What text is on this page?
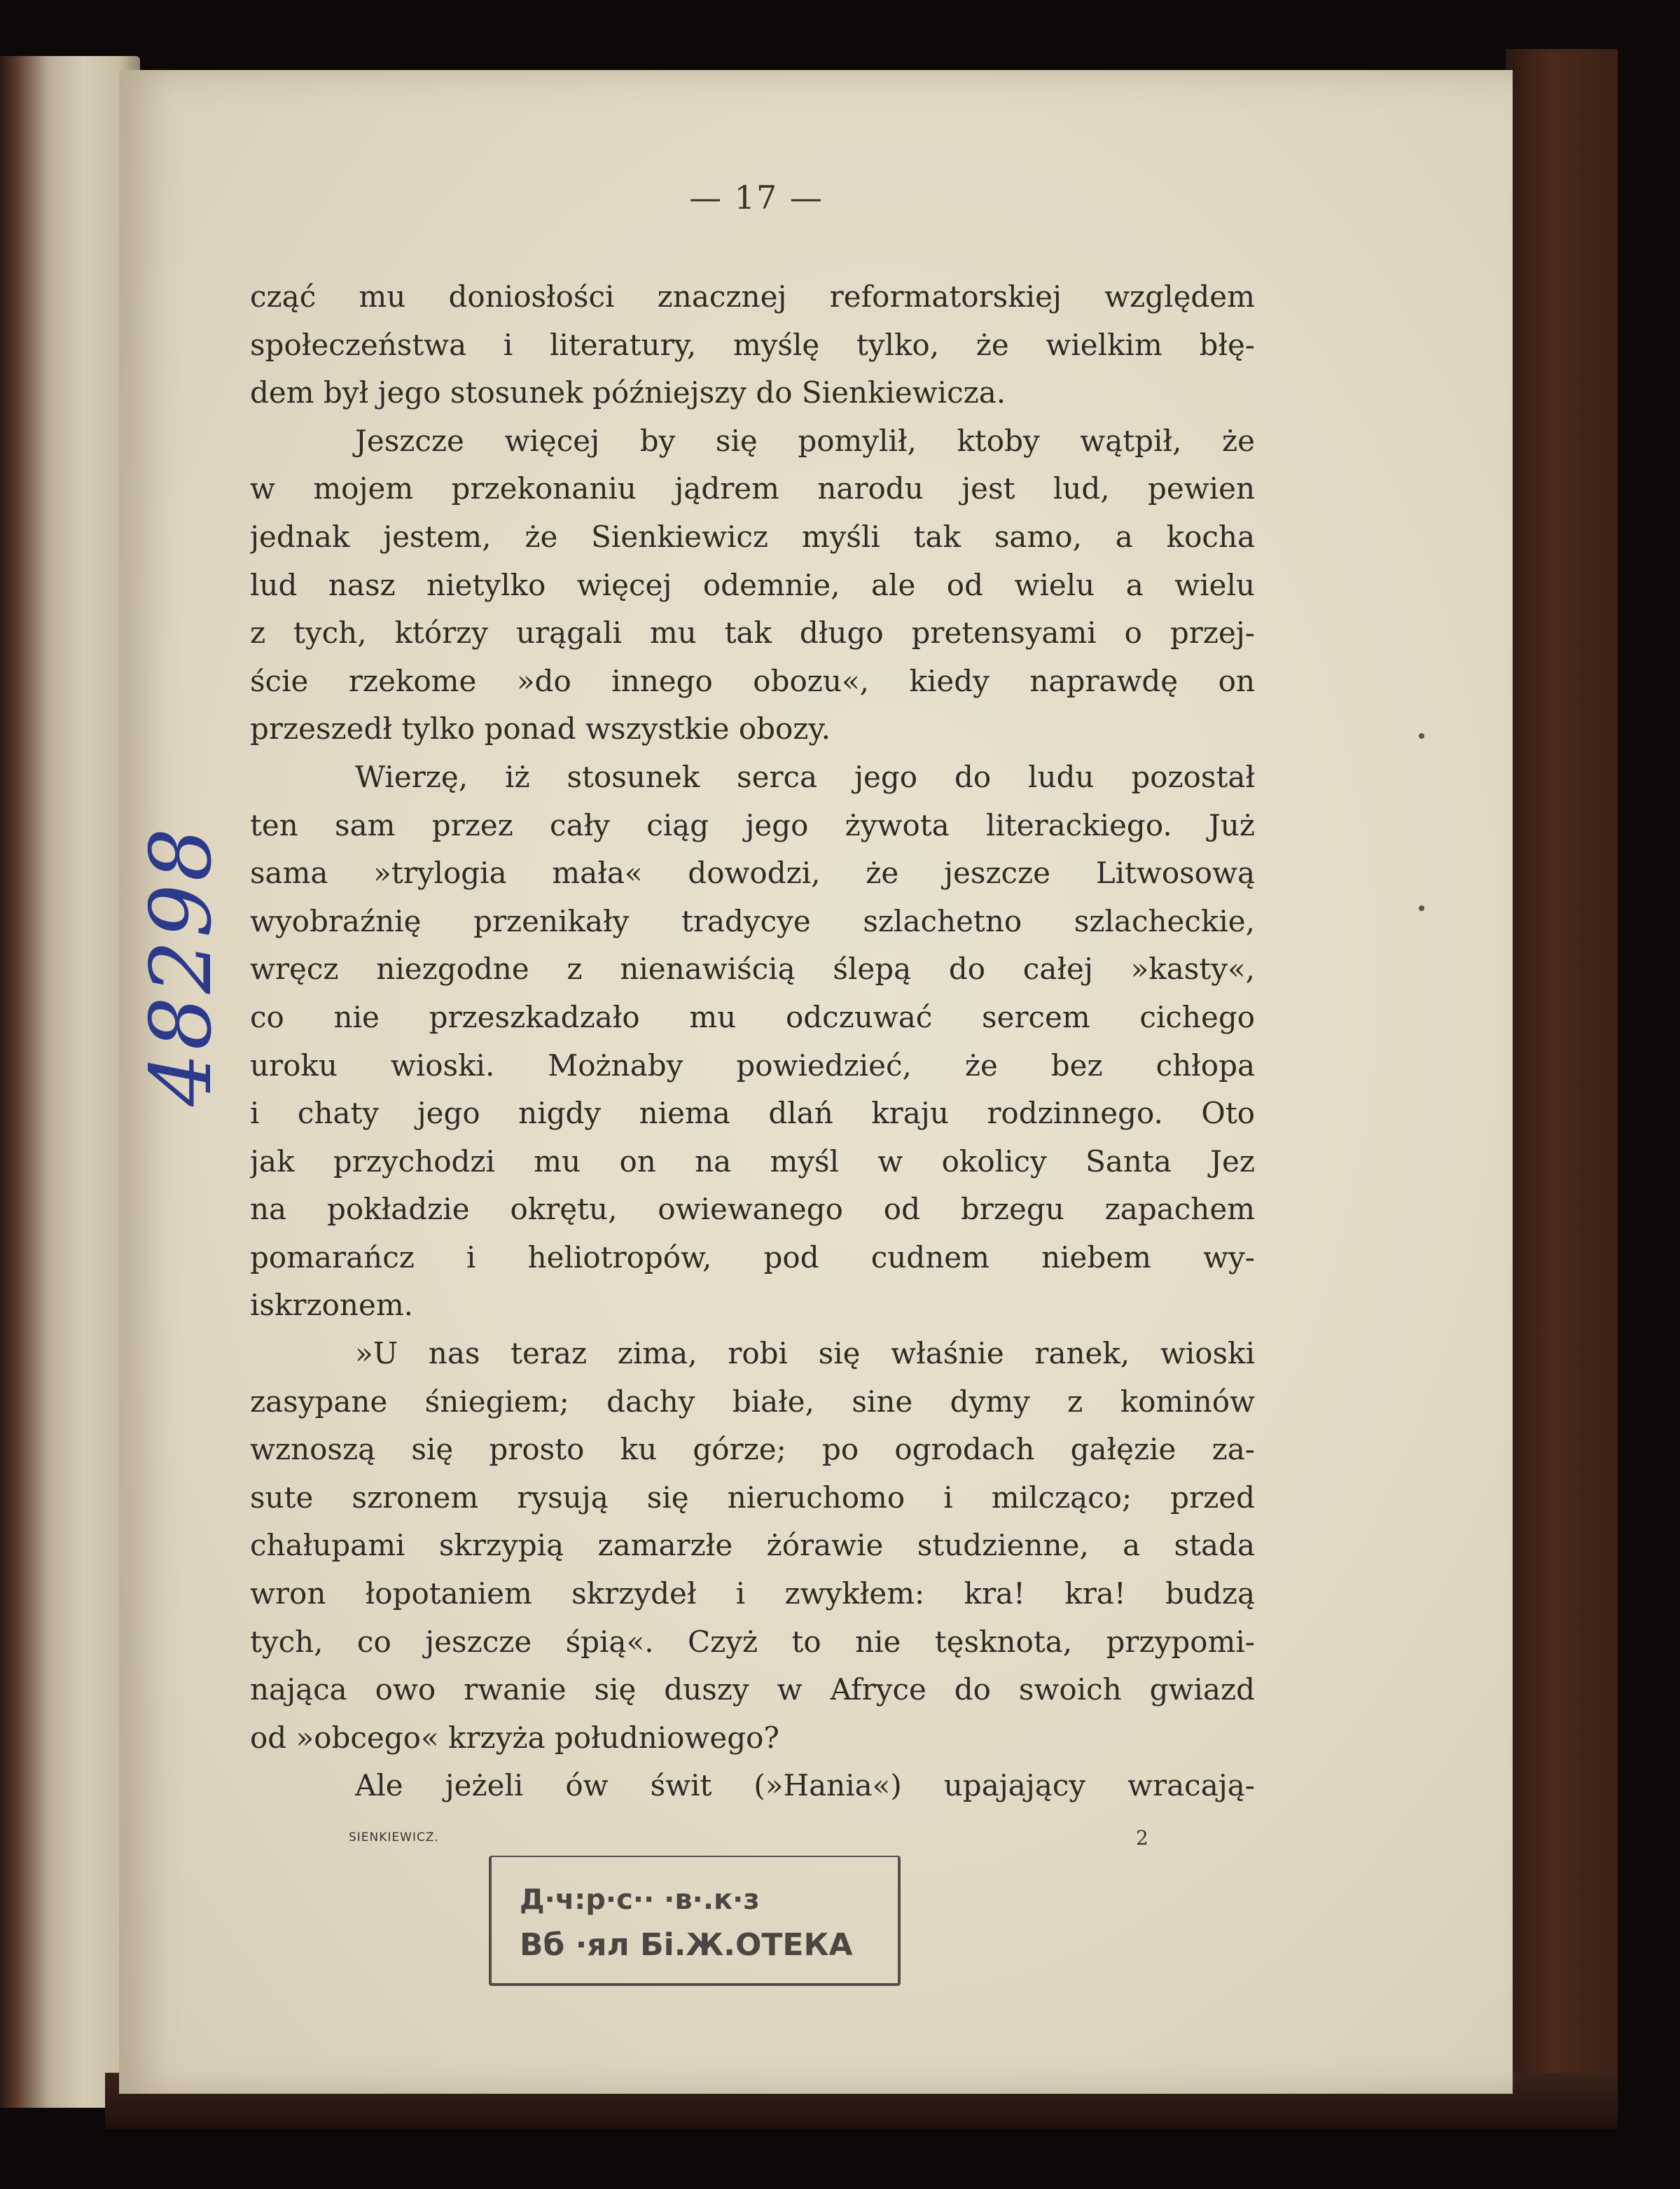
— 17 —
cząć mu doniosłości znacznej reformatorskiej względem
społeczeństwa i literatury, myślę tylko, że wielkim błę-
dem był jego stosunek późniejszy do Sienkiewicza.
Jeszcze więcej by się pomylił, ktoby wątpił, że
w mojem przekonaniu jądrem narodu jest lud, pewien
jednak jestem, że Sienkiewicz myśli tak samo, a kocha
lud nasz nietylko więcej odemnie, ale od wielu a wielu
z tych, którzy urągali mu tak długo pretensyami o przej-
ście rzekome »do innego obozu«, kiedy naprawdę on
przeszedł tylko ponad wszystkie obozy.
Wierzę, iż stosunek serca jego do ludu pozostał
ten sam przez cały ciąg jego żywota literackiego. Już
sama »trylogia mała« dowodzi, że jeszcze Litwosową
wyobraźnię przenikały tradycye szlachetno szlacheckie,
wręcz niezgodne z nienawiścią ślepą do całej »kasty«,
co nie przeszkadzało mu odczuwać sercem cichego
uroku wioski. Możnaby powiedzieć, że bez chłopa
i chaty jego nigdy niema dlań kraju rodzinnego. Oto
jak przychodzi mu on na myśl w okolicy Santa Jez
na pokładzie okrętu, owiewanego od brzegu zapachem
pomarańcz i heliotropów, pod cudnem niebem wy-
iskrzonem.
»U nas teraz zima, robi się właśnie ranek, wioski
zasypane śniegiem; dachy białe, sine dymy z kominów
wznoszą się prosto ku górze; po ogrodach gałęzie za-
sute szronem rysują się nieruchomo i milcząco; przed
chałupami skrzypią zamarzłe żórawie studzienne, a stada
wron łopotaniem skrzydeł i zwykłem: kra! kra! budzą
tych, co jeszcze śpią«. Czyż to nie tęsknota, przypomi-
nająca owo rwanie się duszy w Afryce do swoich gwiazd
od »obcego« krzyża południowego?
Ale jeżeli ów świt (»Hania«) upajający wracają-
SIENKIEWICZ.	2
Д·ч:р·с·· ·в·.к·з
Вб ·ял Бі.Ж.ОТЕКА
